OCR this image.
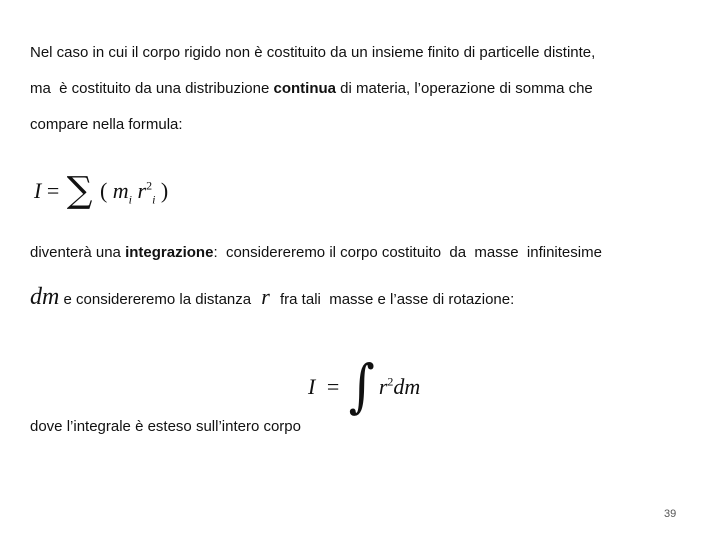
Nel caso in cui il corpo rigido non è costituito da un insieme finito di particelle distinte,
ma  è costituito da una distribuzione continua di materia, l’operazione di somma che
compare nella formula:
I = ∑ ( $m_i$ $r^2_i$ )
diventerà una integrazione:  considereremo il corpo costituito  da  masse  infinitesime
dm e considereremo la distanza r fra tali  masse e l’asse di rotazione:
I = ∫ $r^2dm$
dove l’integrale è esteso sull’intero corpo
39
